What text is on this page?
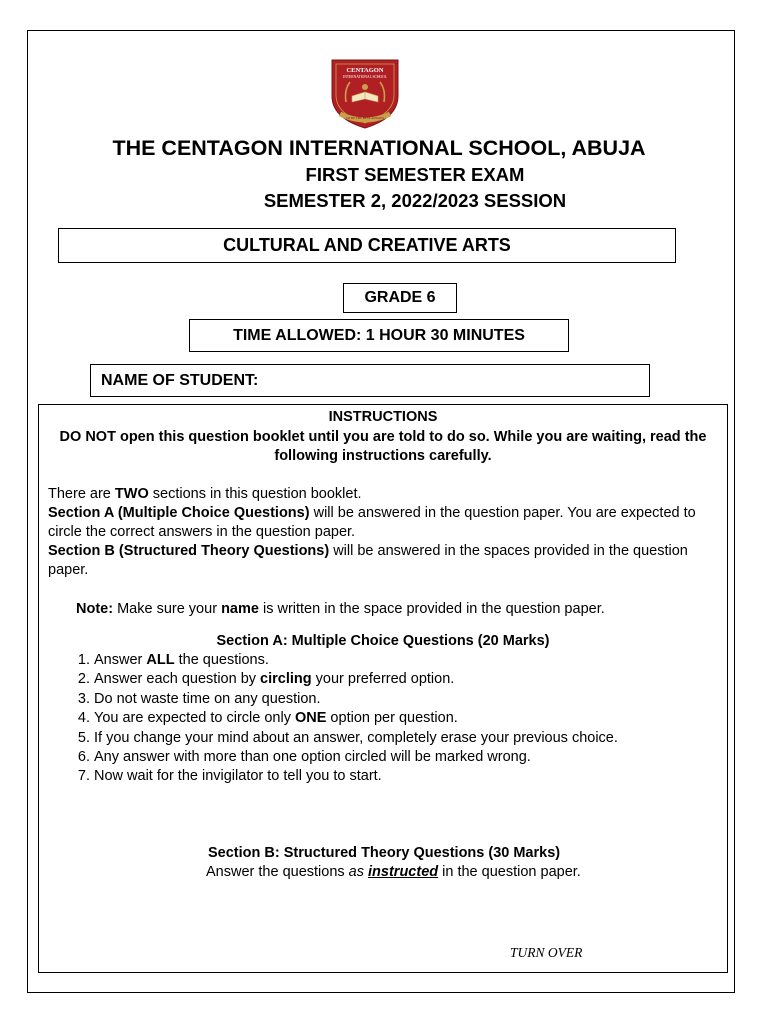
CENTAGON
INTERNATIONAL SCHOOL
TO BE THE BEST ALWAYS
THE CENTAGON INTERNATIONAL SCHOOL, ABUJA
FIRST SEMESTER EXAM
SEMESTER 2, 2022/2023 SESSION
CULTURAL AND CREATIVE ARTS
GRADE 6
TIME ALLOWED: 1 HOUR 30 MINUTES
NAME OF STUDENT:
INSTRUCTIONS
DO NOT open this question booklet until you are told to do so. While you are waiting, read the following instructions carefully.
There are TWO sections in this question booklet.
Section A (Multiple Choice Questions) will be answered in the question paper. You are expected to circle the correct answers in the question paper.
Section B (Structured Theory Questions) will be answered in the spaces provided in the question paper.
Note: Make sure your name is written in the space provided in the question paper.
Section A: Multiple Choice Questions (20 Marks)
1. Answer ALL the questions.
2. Answer each question by circling your preferred option.
3. Do not waste time on any question.
4. You are expected to circle only ONE option per question.
5. If you change your mind about an answer, completely erase your previous choice.
6. Any answer with more than one option circled will be marked wrong.
7. Now wait for the invigilator to tell you to start.
Section B: Structured Theory Questions (30 Marks)
Answer the questions as instructed in the question paper.
TURN OVER
